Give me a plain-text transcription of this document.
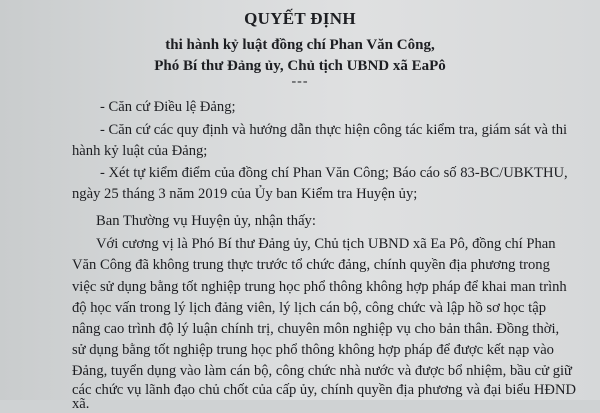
QUYẾT ĐỊNH
thi hành kỷ luật đồng chí Phan Văn Công,
Phó Bí thư Đảng ủy, Chủ tịch UBND xã EaPô
---
- Căn cứ Điều lệ Đảng;
- Căn cứ các quy định và hướng dẫn thực hiện công tác kiểm tra, giám sát và thi
hành kỷ luật của Đảng;
- Xét tự kiểm điểm của đồng chí Phan Văn Công; Báo cáo số 83-BC/UBKTHU,
ngày 25 tháng 3 năm 2019 của Ủy ban Kiểm tra Huyện ủy;
Ban Thường vụ Huyện ủy, nhận thấy:
Với cương vị là Phó Bí thư Đảng ủy, Chủ tịch UBND xã Ea Pô, đồng chí Phan
Văn Công đã không trung thực trước tổ chức đảng, chính quyền địa phương trong
việc sử dụng bằng tốt nghiệp trung học phổ thông không hợp pháp để khai man trình
độ học vấn trong lý lịch đảng viên, lý lịch cán bộ, công chức và lập hồ sơ học tập
nâng cao trình độ lý luận chính trị, chuyên môn nghiệp vụ cho bản thân. Đồng thời,
sử dụng bằng tốt nghiệp trung học phổ thông không hợp pháp để được kết nạp vào
Đảng, tuyển dụng vào làm cán bộ, công chức nhà nước và được bổ nhiệm, bầu cử giữ
các chức vụ lãnh đạo chủ chốt của cấp ủy, chính quyền địa phương và đại biểu HĐND
xã.
